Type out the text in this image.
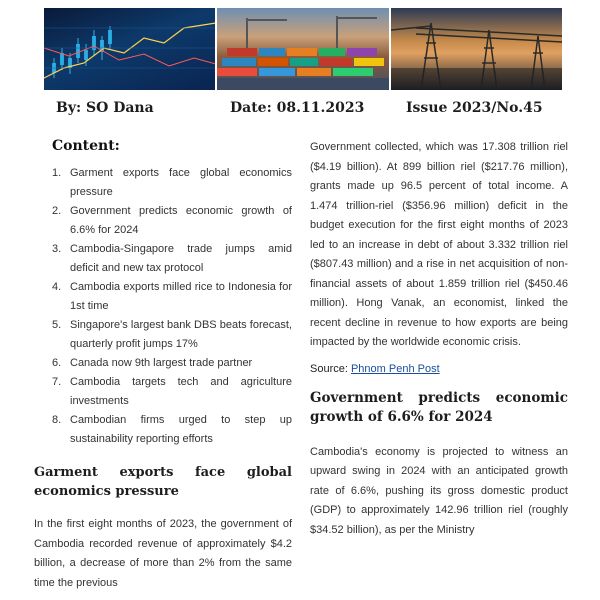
By: SO Dana	Date: 08.11.2023	Issue 2023/No.45
Content:
1. Garment exports face global economics pressure
2. Government predicts economic growth of 6.6% for 2024
3. Cambodia-Singapore trade jumps amid deficit and new tax protocol
4. Cambodia exports milled rice to Indonesia for 1st time
5. Singapore's largest bank DBS beats forecast, quarterly profit jumps 17%
6. Canada now 9th largest trade partner
7. Cambodia targets tech and agriculture investments
8. Cambodian firms urged to step up sustainability reporting efforts
Garment exports face global economics pressure

In the first eight months of 2023, the government of Cambodia recorded revenue of approximately $4.2 billion, a decrease of more than 2% from the same time the previous

Government collected, which was 17.308 trillion riel ($4.19 billion). At 899 billion riel ($217.76 million), grants made up 96.5 percent of total income. A 1.474 trillion-riel ($356.96 million) deficit in the budget execution for the first eight months of 2023 led to an increase in debt of about 3.332 trillion riel ($807.43 million) and a rise in net acquisition of non-financial assets of about 1.859 trillion riel ($450.46 million). Hong Vanak, an economist, linked the recent decline in revenue to how exports are being impacted by the worldwide economic crisis.

Source: Phnom Penh Post

Government predicts economic growth of 6.6% for 2024

Cambodia's economy is projected to witness an upward swing in 2024 with an anticipated growth rate of 6.6%, pushing its gross domestic product (GDP) to approximately 142.96 trillion riel (roughly $34.52 billion), as per the Ministry
